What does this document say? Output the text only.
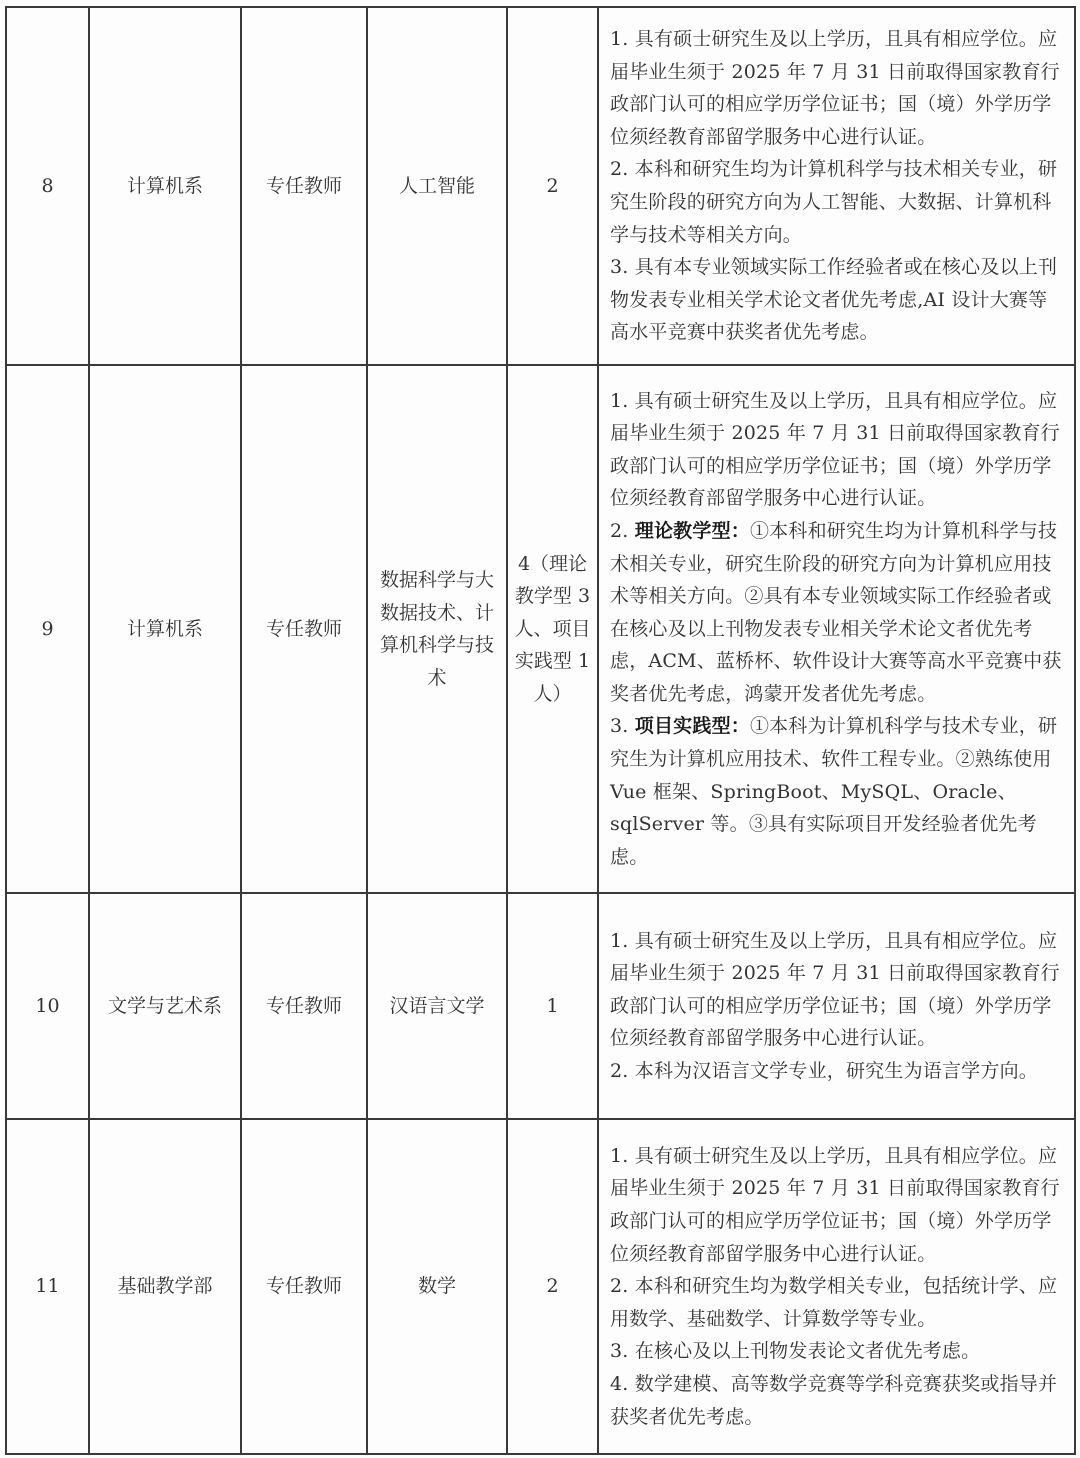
8	计算机系	专任教师	人工智能	2	1. 具有硕士研究生及以上学历，且具有相应学位。应届毕业生须于 2025 年 7 月 31 日前取得国家教育行政部门认可的相应学历学位证书；国（境）外学历学位须经教育部留学服务中心进行认证。
2. 本科和研究生均为计算机科学与技术相关专业，研究生阶段的研究方向为人工智能、大数据、计算机科学与技术等相关方向。
3. 具有本专业领域实际工作经验者或在核心及以上刊物发表专业相关学术论文者优先考虑,AI 设计大赛等高水平竞赛中获奖者优先考虑。

9	计算机系	专任教师	数据科学与大数据技术、计算机科学与技术	4（理论教学型 3 人、项目实践型 1 人）	1. 具有硕士研究生及以上学历，且具有相应学位。应届毕业生须于 2025 年 7 月 31 日前取得国家教育行政部门认可的相应学历学位证书；国（境）外学历学位须经教育部留学服务中心进行认证。
2. 理论教学型：①本科和研究生均为计算机科学与技术相关专业，研究生阶段的研究方向为计算机应用技术等相关方向。②具有本专业领域实际工作经验者或在核心及以上刊物发表专业相关学术论文者优先考虑，ACM、蓝桥杯、软件设计大赛等高水平竞赛中获奖者优先考虑，鸿蒙开发者优先考虑。
3. 项目实践型：①本科为计算机科学与技术专业，研究生为计算机应用技术、软件工程专业。②熟练使用 Vue 框架、SpringBoot、MySQL、Oracle、sqlServer 等。③具有实际项目开发经验者优先考虑。

10	文学与艺术系	专任教师	汉语言文学	1	1. 具有硕士研究生及以上学历，且具有相应学位。应届毕业生须于 2025 年 7 月 31 日前取得国家教育行政部门认可的相应学历学位证书；国（境）外学历学位须经教育部留学服务中心进行认证。
2. 本科为汉语言文学专业，研究生为语言学方向。

11	基础教学部	专任教师	数学	2	1. 具有硕士研究生及以上学历，且具有相应学位。应届毕业生须于 2025 年 7 月 31 日前取得国家教育行政部门认可的相应学历学位证书；国（境）外学历学位须经教育部留学服务中心进行认证。
2. 本科和研究生均为数学相关专业，包括统计学、应用数学、基础数学、计算数学等专业。
3. 在核心及以上刊物发表论文者优先考虑。
4. 数学建模、高等数学竞赛等学科竞赛获奖或指导并获奖者优先考虑。
